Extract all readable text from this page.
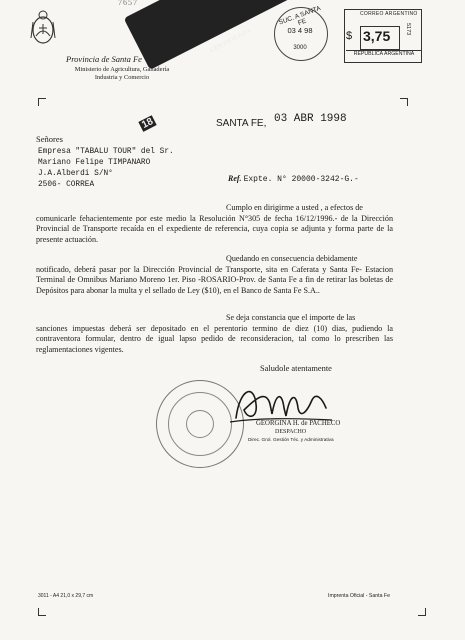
7657
Provincia de Santa Fe
Ministerio de Agricultura, Ganadería
Industria y Comercio
CERTIFICADA
18
SUC. A SANTA FE
03 4 98
3000
CORREO ARGENTINO
$ 3,75	5173
REPUBLICA ARGENTINA
SANTA FE, 03 ABR 1998
Señores
Empresa "TABALU TOUR" del Sr.
Mariano Felipe TIMPANARO
J.A.Alberdi S/N°
2506- CORREA
Ref. Expte. N° 20000-3242-G.-
Cumplo en dirigirme a usted , a efectos de
comunicarle fehacientemente por este medio la Resolución N°305 de fecha 16/12/1996.- de la Dirección Provincial de Transporte recaída en el expediente de referencia, cuya copia se adjunta y forma parte de la presente actuación.
Quedando en consecuencia debidamente
notificado, deberá pasar por la Dirección Provincial de Transporte, sita en Caferata y Santa Fe- Estacion Terminal de Omnibus Mariano Moreno 1er. Piso -ROSARIO-Prov. de Santa Fe a fin de retirar las boletas de Depósitos para abonar la multa y el sellado de Ley ($10), en el Banco de Santa Fe S.A..
Se deja constancia que el importe de las
sanciones impuestas deberá ser depositado en el perentorio termino de diez (10) dias, pudiendo la contraventora formular, dentro de igual lapso pedido de reconsideracion, tal como lo prescriben las reglamentaciones vigentes.
Saludole atentamente
GEORGINA H. de PACHECO
DESPACHO
Direc. Grol. Gestión Téc. y Administrativa
3011 - A4 21,0 x 29,7 cm	Imprenta Oficial - Santa Fe
